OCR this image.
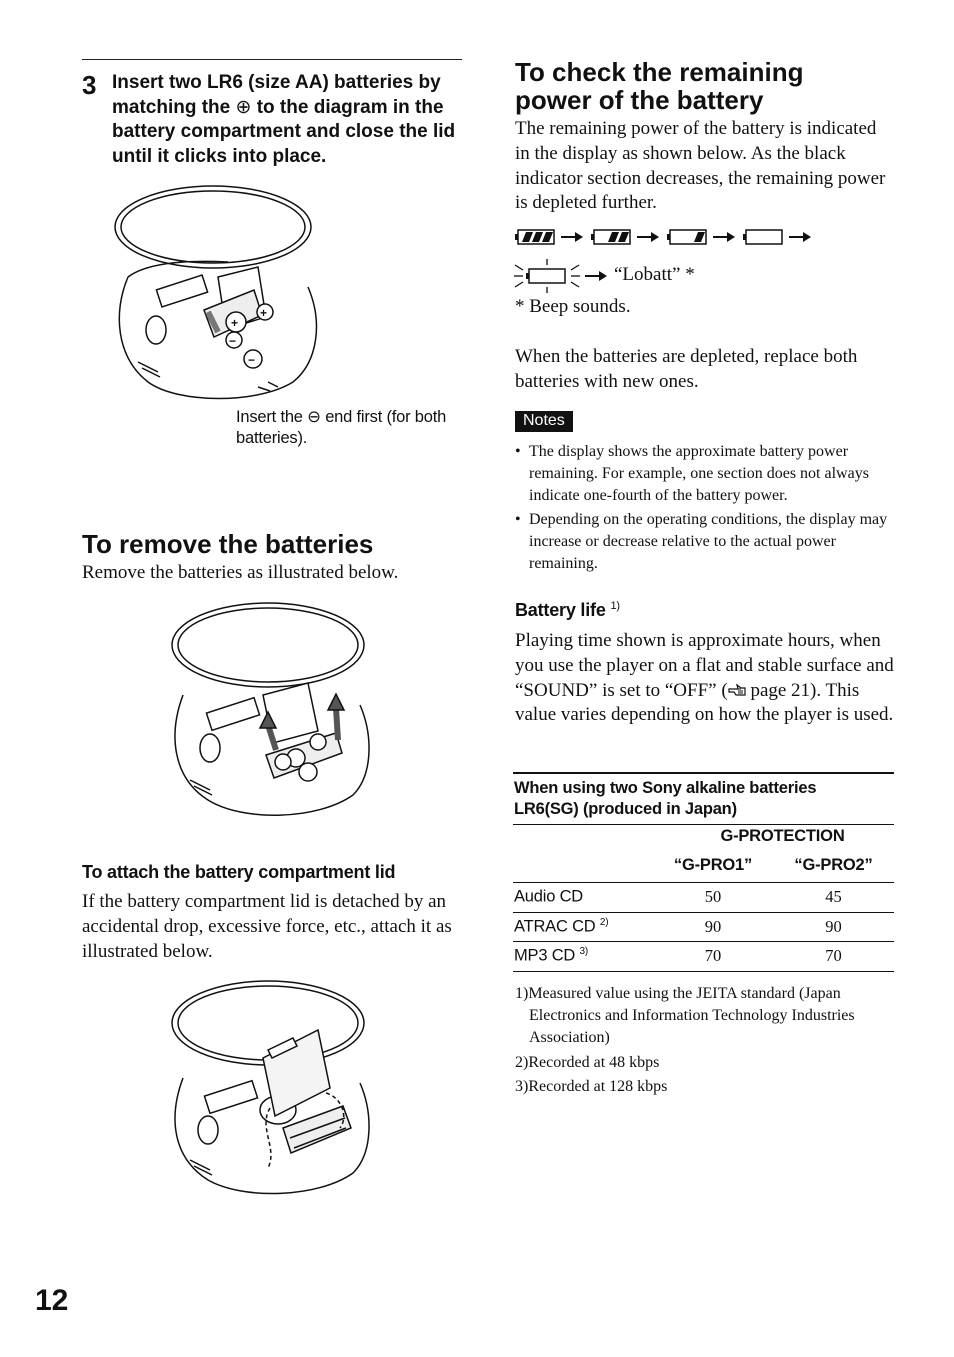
3 Insert two LR6 (size AA) batteries by matching the ⊕ to the diagram in the battery compartment and close the lid until it clicks into place.
+
+
−
−
Insert the ⊖ end first (for both batteries).
To remove the batteries
Remove the batteries as illustrated below.
To attach the battery compartment lid
If the battery compartment lid is detached by an accidental drop, excessive force, etc., attach it as illustrated below.
To check the remaining
power of the battery
The remaining power of the battery is indicated in the display as shown below. As the black indicator section decreases, the remaining power is depleted further.
“Lobatt” *
* Beep sounds.
When the batteries are depleted, replace both batteries with new ones.
Notes
• The display shows the approximate battery power remaining. For example, one section does not always indicate one-fourth of the battery power.
• Depending on the operating conditions, the display may increase or decrease relative to the actual power remaining.
Battery life $^{1)}$
Playing time shown is approximate hours, when you use the player on a flat and stable surface and “SOUND” is set to “OFF” ( page 21). This value varies depending on how the player is used.
When using two Sony alkaline batteries
LR6(SG) (produced in Japan)		

	G-PROTECTION	
	“G-PRO1”	“G-PRO2”
Audio CD	50	45
ATRAC CD $^{2)}$	90	90
MP3 CD $^{3)}$	70	70
1)Measured value using the JEITA standard (Japan Electronics and Information Technology Industries Association)
2)Recorded at 48 kbps
3)Recorded at 128 kbps
12
